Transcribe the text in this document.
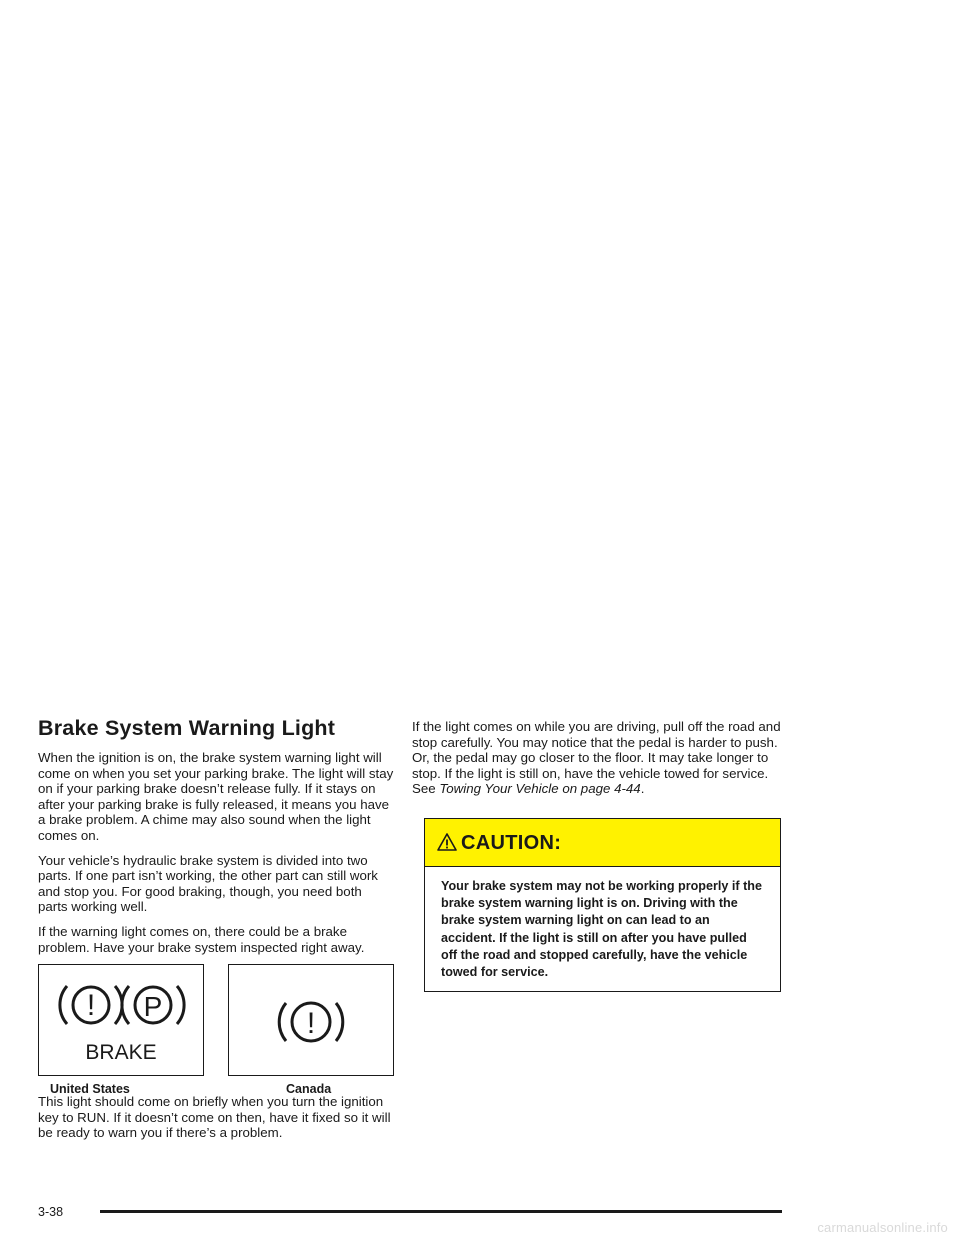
Brake System Warning Light

When the ignition is on, the brake system warning light will come on when you set your parking brake. The light will stay on if your parking brake doesn’t release fully. If it stays on after your parking brake is fully released, it means you have a brake problem. A chime may also sound when the light comes on.

Your vehicle’s hydraulic brake system is divided into two parts. If one part isn’t working, the other part can still work and stop you. For good braking, though, you need both parts working well.

If the warning light comes on, there could be a brake problem. Have your brake system inspected right away.

! P
BRAKE
!
United States	Canada

This light should come on briefly when you turn the ignition key to RUN. If it doesn’t come on then, have it fixed so it will be ready to warn you if there’s a problem.

If the light comes on while you are driving, pull off the road and stop carefully. You may notice that the pedal is harder to push. Or, the pedal may go closer to the floor. It may take longer to stop. If the light is still on, have the vehicle towed for service. See Towing Your Vehicle on page 4-44.

CAUTION:
Your brake system may not be working properly if the brake system warning light is on. Driving with the brake system warning light on can lead to an accident. If the light is still on after you have pulled off the road and stopped carefully, have the vehicle towed for service.
3-38
carmanualsonline.info
